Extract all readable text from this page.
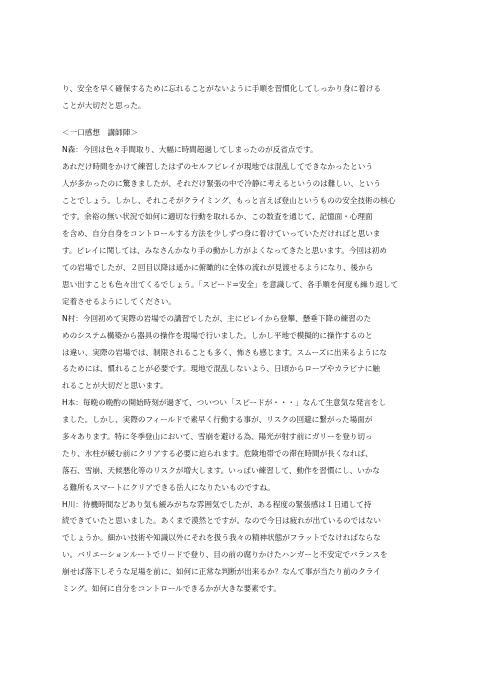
り、安全を早く確保するために忘れることがないように手順を習慣化してしっかり身に着ける
ことが大切だと思った。
＜一口感想　講師陣＞
N森：今回は色々手間取り、大幅に時間超過してしまったのが反省点です。
あれだけ時間をかけて練習したはずのセルフビレイが現地では混乱してできなかったという
人が多かったのに驚きましたが、それだけ緊張の中で冷静に考えるというのは難しい、という
ことでしょう。しかし、それこそがクライミング、もっと言えば登山というものの安全技術の核心
です。余裕の無い状況で如何に適切な行動を取れるか、この数査を通じて、記憶面・心理面
を含め、自分自身をコントロールする方法を少しずつ身に着けていっていただければと思いま
す。ビレイに関しては、みなさんかなり手の動かし方がよくなってきたと思います。今回は初め
ての岩場でしたが、２回目以降は遥かに俯瞰的に全体の流れが見渡せるようになり、後から
思い出すことも色々出てくるでしょう。「スピード=安全」を意識して、各手順を何度も繰り返して
定着させるようにしてください。
N村：今回初めて実際の岩場での講習でしたが、主にビレイから登攀、懸垂下降の練習のた
めのシステム構築から器具の操作を現場で行いました。しかし平地で模擬的に操作するのと
は違い、実際の岩場では、制限されることも多く、怖さも感じます。スムーズに出来るようにな
るためには、慣れることが必要です。現地で混乱しないよう、日頃からロープやカラビナに触
れることが大切だと思います。
H本：毎晩の晩酌の開始時刻が過ぎて、ついつい「スピードが・・・」なんて生意気な発言をし
ました。しかし、実際のフィールドで素早く行動する事が、リスクの回避に繋がった場面が
多々あります。特に冬季登山において、雪崩を避ける為、陽光が射す前にガリーを登り切っ
たり、氷柱が緩む前にクリアする必要に迫られます。危険地帯での滞在時間が長くなれば、
落石、雪崩、天候悪化等のリスクが増大します。いっぱい練習して、動作を習慣にし、いかな
る難所もスマートにクリアできる岳人になりたいものですね。
H川：待機時間などあり気も緩みがちな雰囲気でしたが、ある程度の緊張感は１日通して持
続できていたと思いました。あくまで漠然とですが。なので今日は疲れが出ているのではない
でしょうか。細かい技術や知識以外にそれを扱う我々の精神状態がフラットでなければならな
い。バリエーションルートでリードで登り、目の前の腐りかけたハンガーと不安定でバランスを
崩せば落下しそうな足場を前に、如何に正常な判断が出来るか？なんて事が当たり前のクライ
ミング。如何に自分をコントロールできるかが大きな要素です。
